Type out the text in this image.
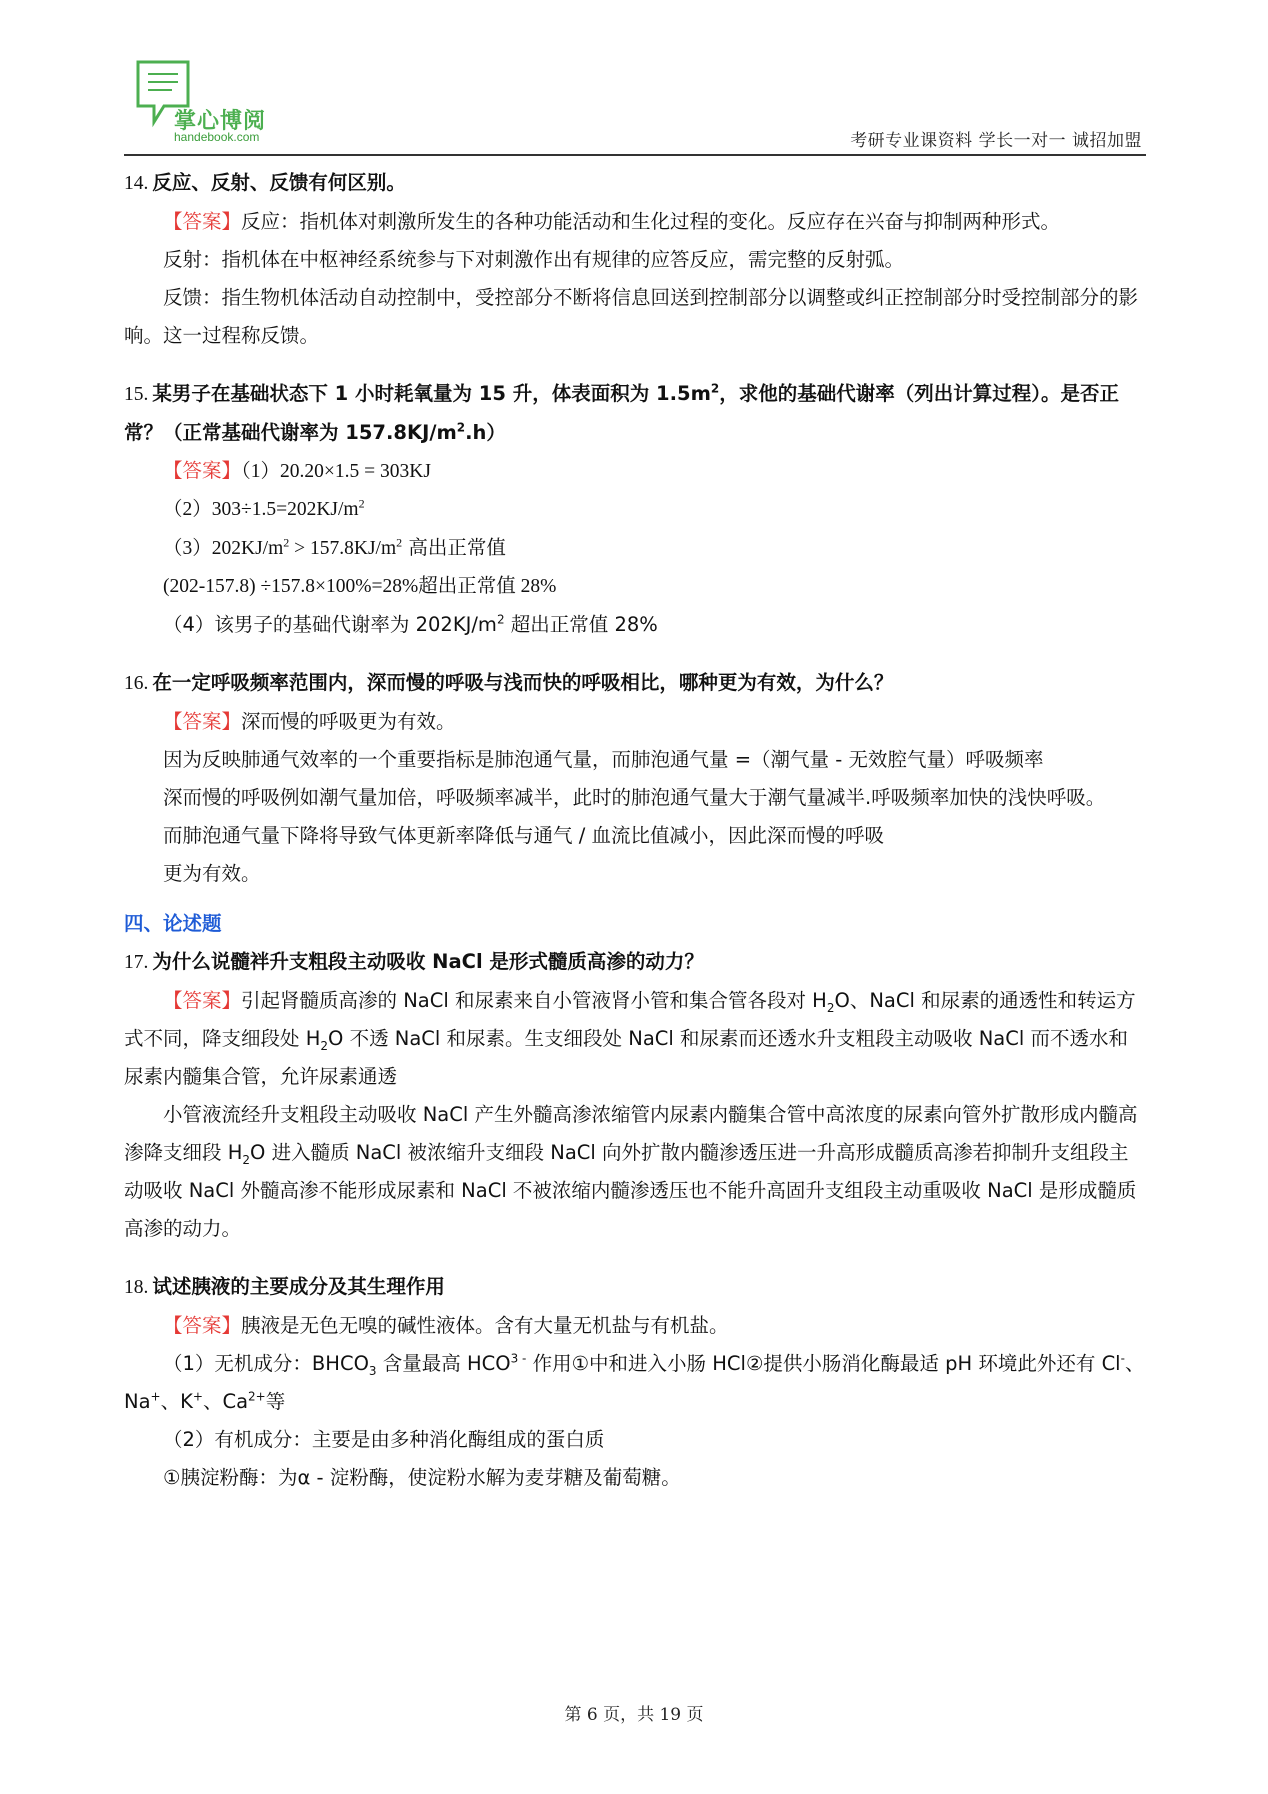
掌心博阅
handebook.com	考研专业课资料 学长一对一 诚招加盟

14. 反应、反射、反馈有何区别。

【答案】反应：指机体对刺激所发生的各种功能活动和生化过程的变化。反应存在兴奋与抑制两种形式。

反射：指机体在中枢神经系统参与下对刺激作出有规律的应答反应，需完整的反射弧。

反馈：指生物机体活动自动控制中，受控部分不断将信息回送到控制部分以调整或纠正控制部分时受控制部分的影响。这一过程称反馈。

15. 某男子在基础状态下 1 小时耗氧量为 15 升，体表面积为 $1.5m^2$，求他的基础代谢率（列出计算过程）。是否正常？（正常基础代谢率为 $157.8KJ/m^2.h$）

【答案】（1）20.20×1.5 = 303KJ

$(2)303\div 1.5=202KJ/m^2$

$(3)202KJ/m^2 > 157.8KJ/m^2$ 高出正常值

(202-157.8) ÷157.8×100%=28%超出正常值 28%

（4）该男子的基础代谢率为 $202KJ/m^2$ 超出正常值 28%

16. 在一定呼吸频率范围内，深而慢的呼吸与浅而快的呼吸相比，哪种更为有效，为什么？

【答案】深而慢的呼吸更为有效。

因为反映肺通气效率的一个重要指标是肺泡通气量，而肺泡通气量 =（潮气量 - 无效腔气量）呼吸频率

深而慢的呼吸例如潮气量加倍，呼吸频率减半，此时的肺泡通气量大于潮气量减半.呼吸频率加快的浅快呼吸。

而肺泡通气量下降将导致气体更新率降低与通气 / 血流比值减小，因此深而慢的呼吸

更为有效。

四、论述题

17. 为什么说髓袢升支粗段主动吸收 NaCl 是形式髓质高渗的动力？

【答案】引起肾髓质高渗的 NaCl 和尿素来自小管液肾小管和集合管各段对 $H_2O$、NaCl 和尿素的通透性和转运方式不同，降支细段处 $H_2O$ 不透 NaCl 和尿素。生支细段处 NaCl 和尿素而还透水升支粗段主动吸收 NaCl 而不透水和尿素内髓集合管，允许尿素通透

小管液流经升支粗段主动吸收 NaCl 产生外髓高渗浓缩管内尿素内髓集合管中高浓度的尿素向管外扩散形成内髓高渗降支细段 $H_2O$ 进入髓质 NaCl 被浓缩升支细段 NaCl 向外扩散内髓渗透压进一升高形成髓质高渗若抑制升支组段主动吸收 NaCl 外髓高渗不能形成尿素和 NaCl 不被浓缩内髓渗透压也不能升高固升支组段主动重吸收 NaCl 是形成髓质高渗的动力。

18. 试述胰液的主要成分及其生理作用

【答案】胰液是无色无嗅的碱性液体。含有大量无机盐与有机盐。

（1）无机成分：$BHCO_3$ 含量最高 $HCO^{3 -}$ 作用①中和进入小肠 HCl②提供小肠消化酶最适 pH 环境此外还有 Cl-、Na+、K+、$Ca^{2+}$等

（2）有机成分：主要是由多种消化酶组成的蛋白质

①胰淀粉酶：为α - 淀粉酶，使淀粉水解为麦芽糖及葡萄糖。

第 6 页，共 19 页
